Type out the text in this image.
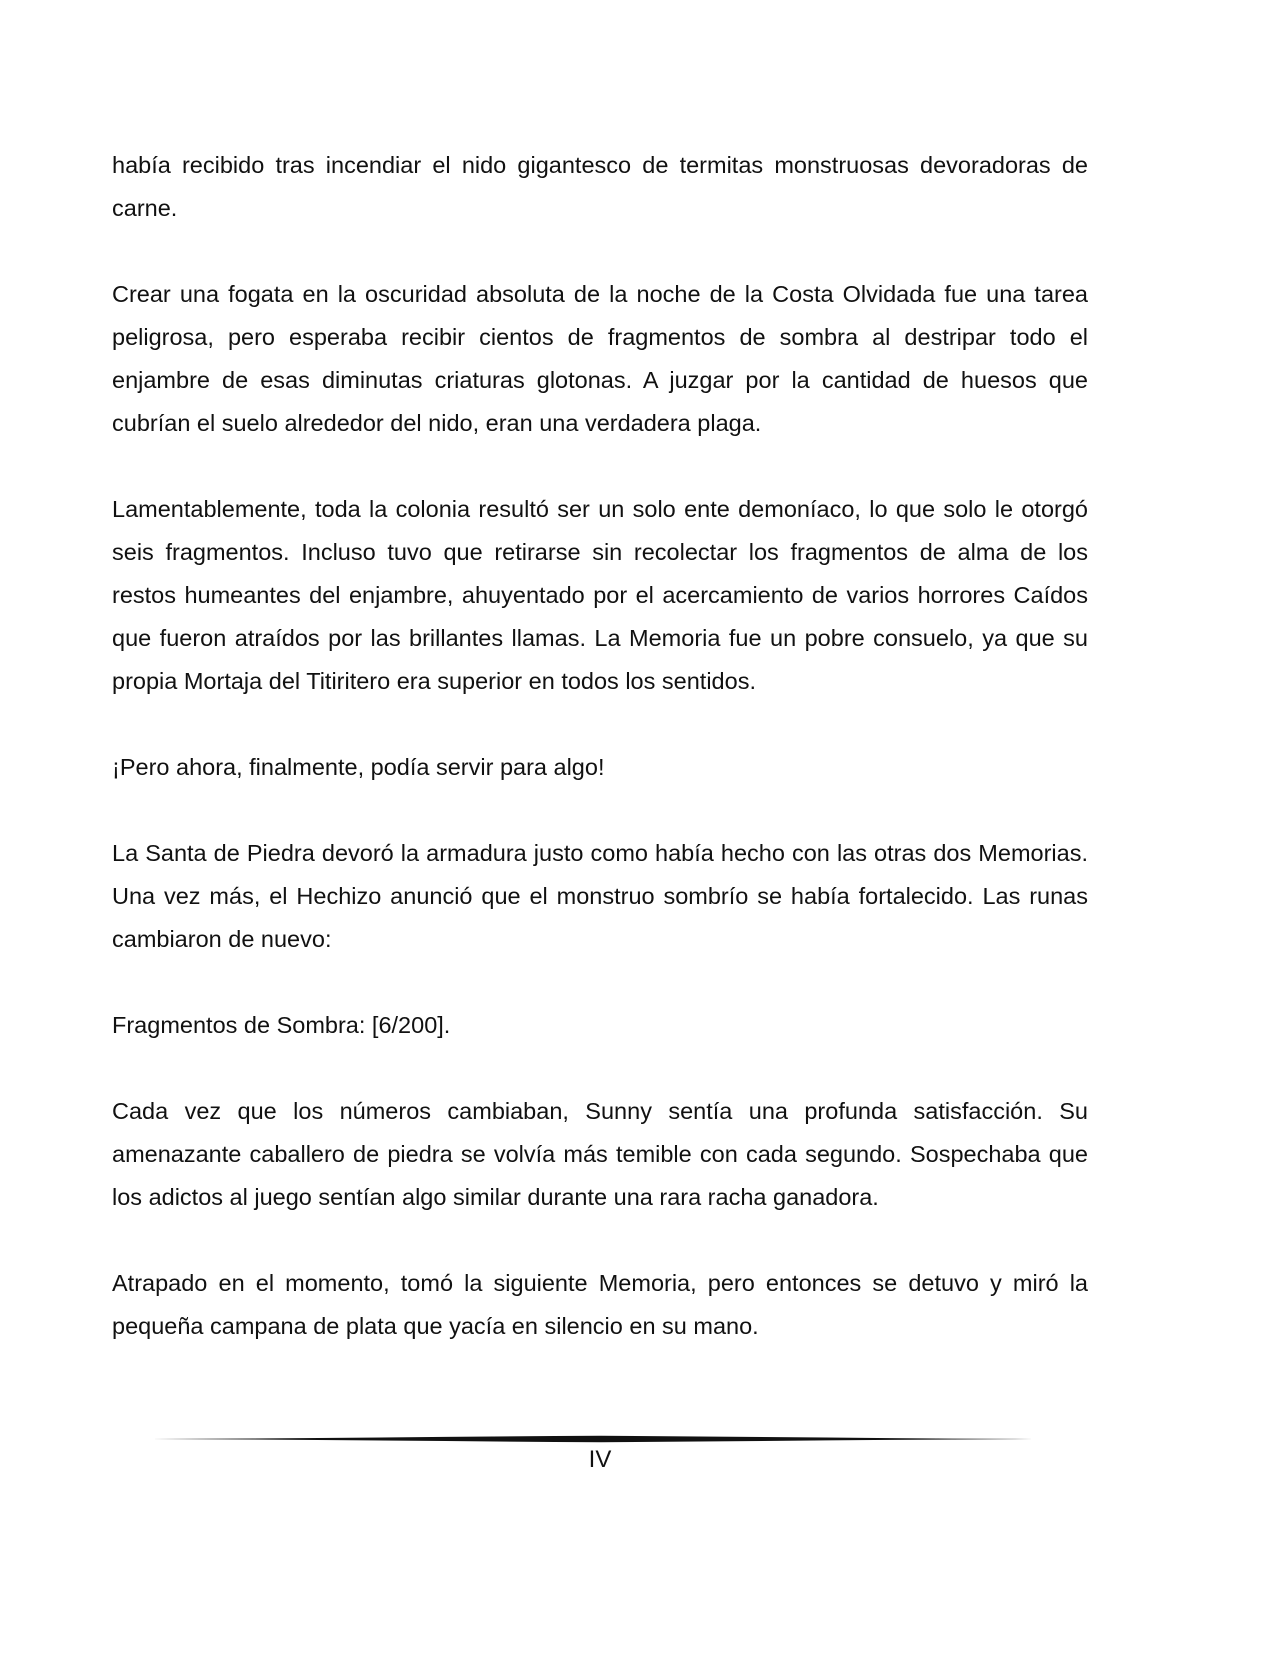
había recibido tras incendiar el nido gigantesco de termitas monstruosas devoradoras de carne.

Crear una fogata en la oscuridad absoluta de la noche de la Costa Olvidada fue una tarea peligrosa, pero esperaba recibir cientos de fragmentos de sombra al destripar todo el enjambre de esas diminutas criaturas glotonas. A juzgar por la cantidad de huesos que cubrían el suelo alrededor del nido, eran una verdadera plaga.

Lamentablemente, toda la colonia resultó ser un solo ente demoníaco, lo que solo le otorgó seis fragmentos. Incluso tuvo que retirarse sin recolectar los fragmentos de alma de los restos humeantes del enjambre, ahuyentado por el acercamiento de varios horrores Caídos que fueron atraídos por las brillantes llamas. La Memoria fue un pobre consuelo, ya que su propia Mortaja del Titiritero era superior en todos los sentidos.

¡Pero ahora, finalmente, podía servir para algo!

La Santa de Piedra devoró la armadura justo como había hecho con las otras dos Memorias. Una vez más, el Hechizo anunció que el monstruo sombrío se había fortalecido. Las runas cambiaron de nuevo:

Fragmentos de Sombra: [6/200].

Cada vez que los números cambiaban, Sunny sentía una profunda satisfacción. Su amenazante caballero de piedra se volvía más temible con cada segundo. Sospechaba que los adictos al juego sentían algo similar durante una rara racha ganadora.

Atrapado en el momento, tomó la siguiente Memoria, pero entonces se detuvo y miró la pequeña campana de plata que yacía en silencio en su mano.

IV
